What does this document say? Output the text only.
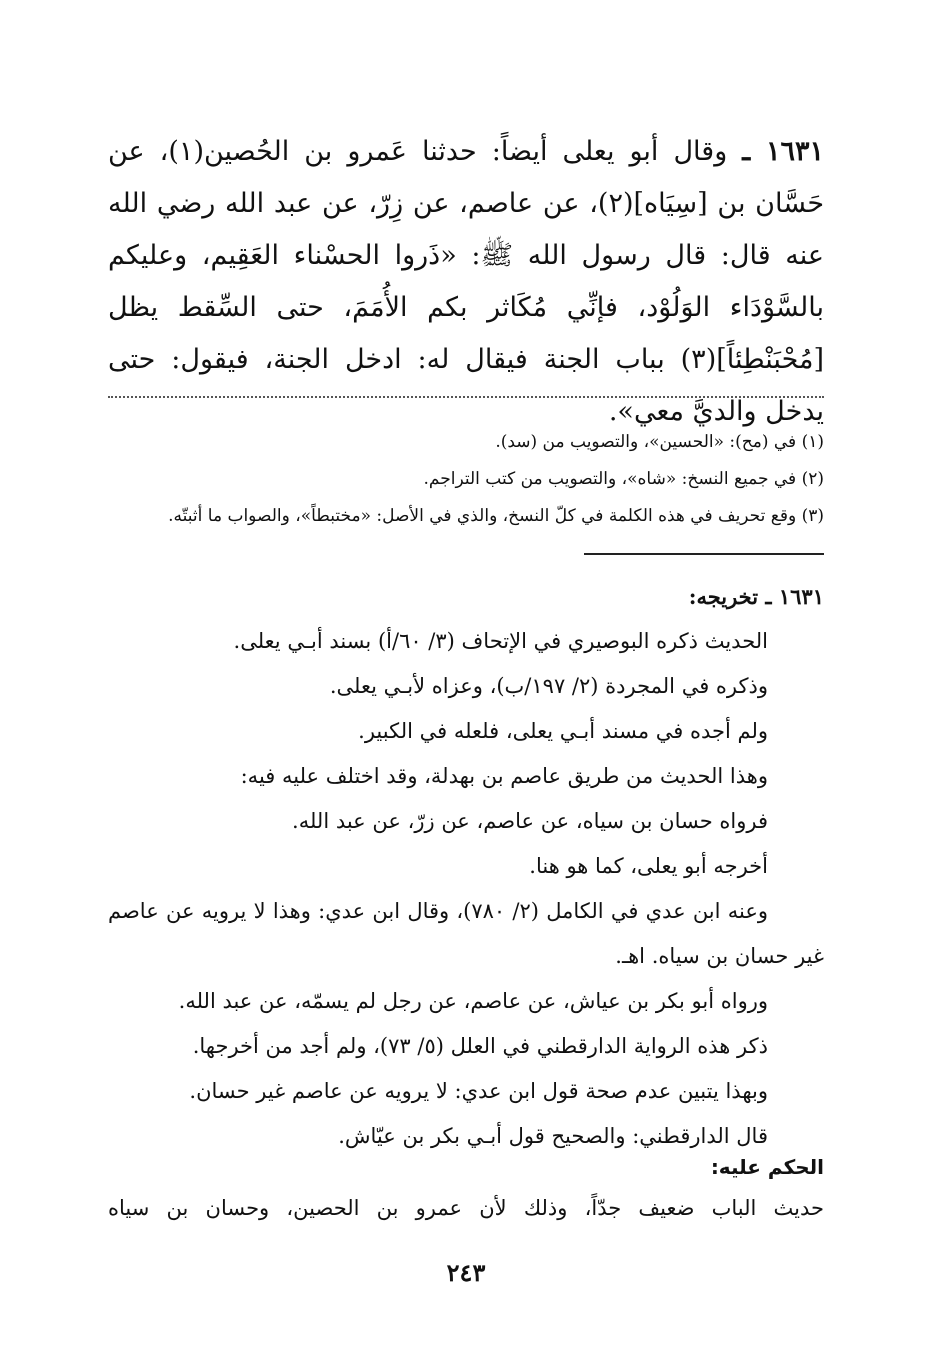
١٦٣١ ـ وقال أبو يعلى أيضاً: حدثنا عَمرو بن الحُصين(١)، عن حَسَّان بن [سِيَاه](٢)، عن عاصم، عن زِرّ، عن عبد الله رضي الله عنه قال: قال رسول الله ﷺ: «ذَروا الحسْناء العَقِيم، وعليكم بالسَّوْدَاء الوَلُوْد، فإنِّي مُكَاثر بكم الأُمَمَ، حتى السِّقط يظل [مُحْبَنْطِئاً](٣) بباب الجنة فيقال له: ادخل الجنة، فيقول: حتى يدخل والديَّ معي».
(١) في (مح): «الحسين»، والتصويب من (سد).
(٢) في جميع النسخ: «شاه»، والتصويب من كتب التراجم.
(٣) وقع تحريف في هذه الكلمة في كلّ النسخ، والذي في الأصل: «مختبطاً»، والصواب ما أثبتّه.
١٦٣١ ـ تخريجه:
الحديث ذكره البوصيري في الإتحاف (٣/ ٦٠/أ) بسند أبـي يعلى.
وذكره في المجردة (٢/ ١٩٧/ب)، وعزاه لأبـي يعلى.
ولم أجده في مسند أبـي يعلى، فلعله في الكبير.
وهذا الحديث من طريق عاصم بن بهدلة، وقد اختلف عليه فيه:
فرواه حسان بن سياه، عن عاصم، عن زرّ، عن عبد الله.
أخرجه أبو يعلى، كما هو هنا.
وعنه ابن عدي في الكامل (٢/ ٧٨٠)، وقال ابن عدي: وهذا لا يرويه عن عاصم غير حسان بن سياه. اهـ.
ورواه أبو بكر بن عياش، عن عاصم، عن رجل لم يسمّه، عن عبد الله.
ذكر هذه الرواية الدارقطني في العلل (٥/ ٧٣)، ولم أجد من أخرجها.
وبهذا يتبين عدم صحة قول ابن عدي: لا يرويه عن عاصم غير حسان.
قال الدارقطني: والصحيح قول أبـي بكر بن عيّاش.
الحكم عليه:
حديث الباب ضعيف جدّاً، وذلك لأن عمرو بن الحصين، وحسان بن سياه
٢٤٣
